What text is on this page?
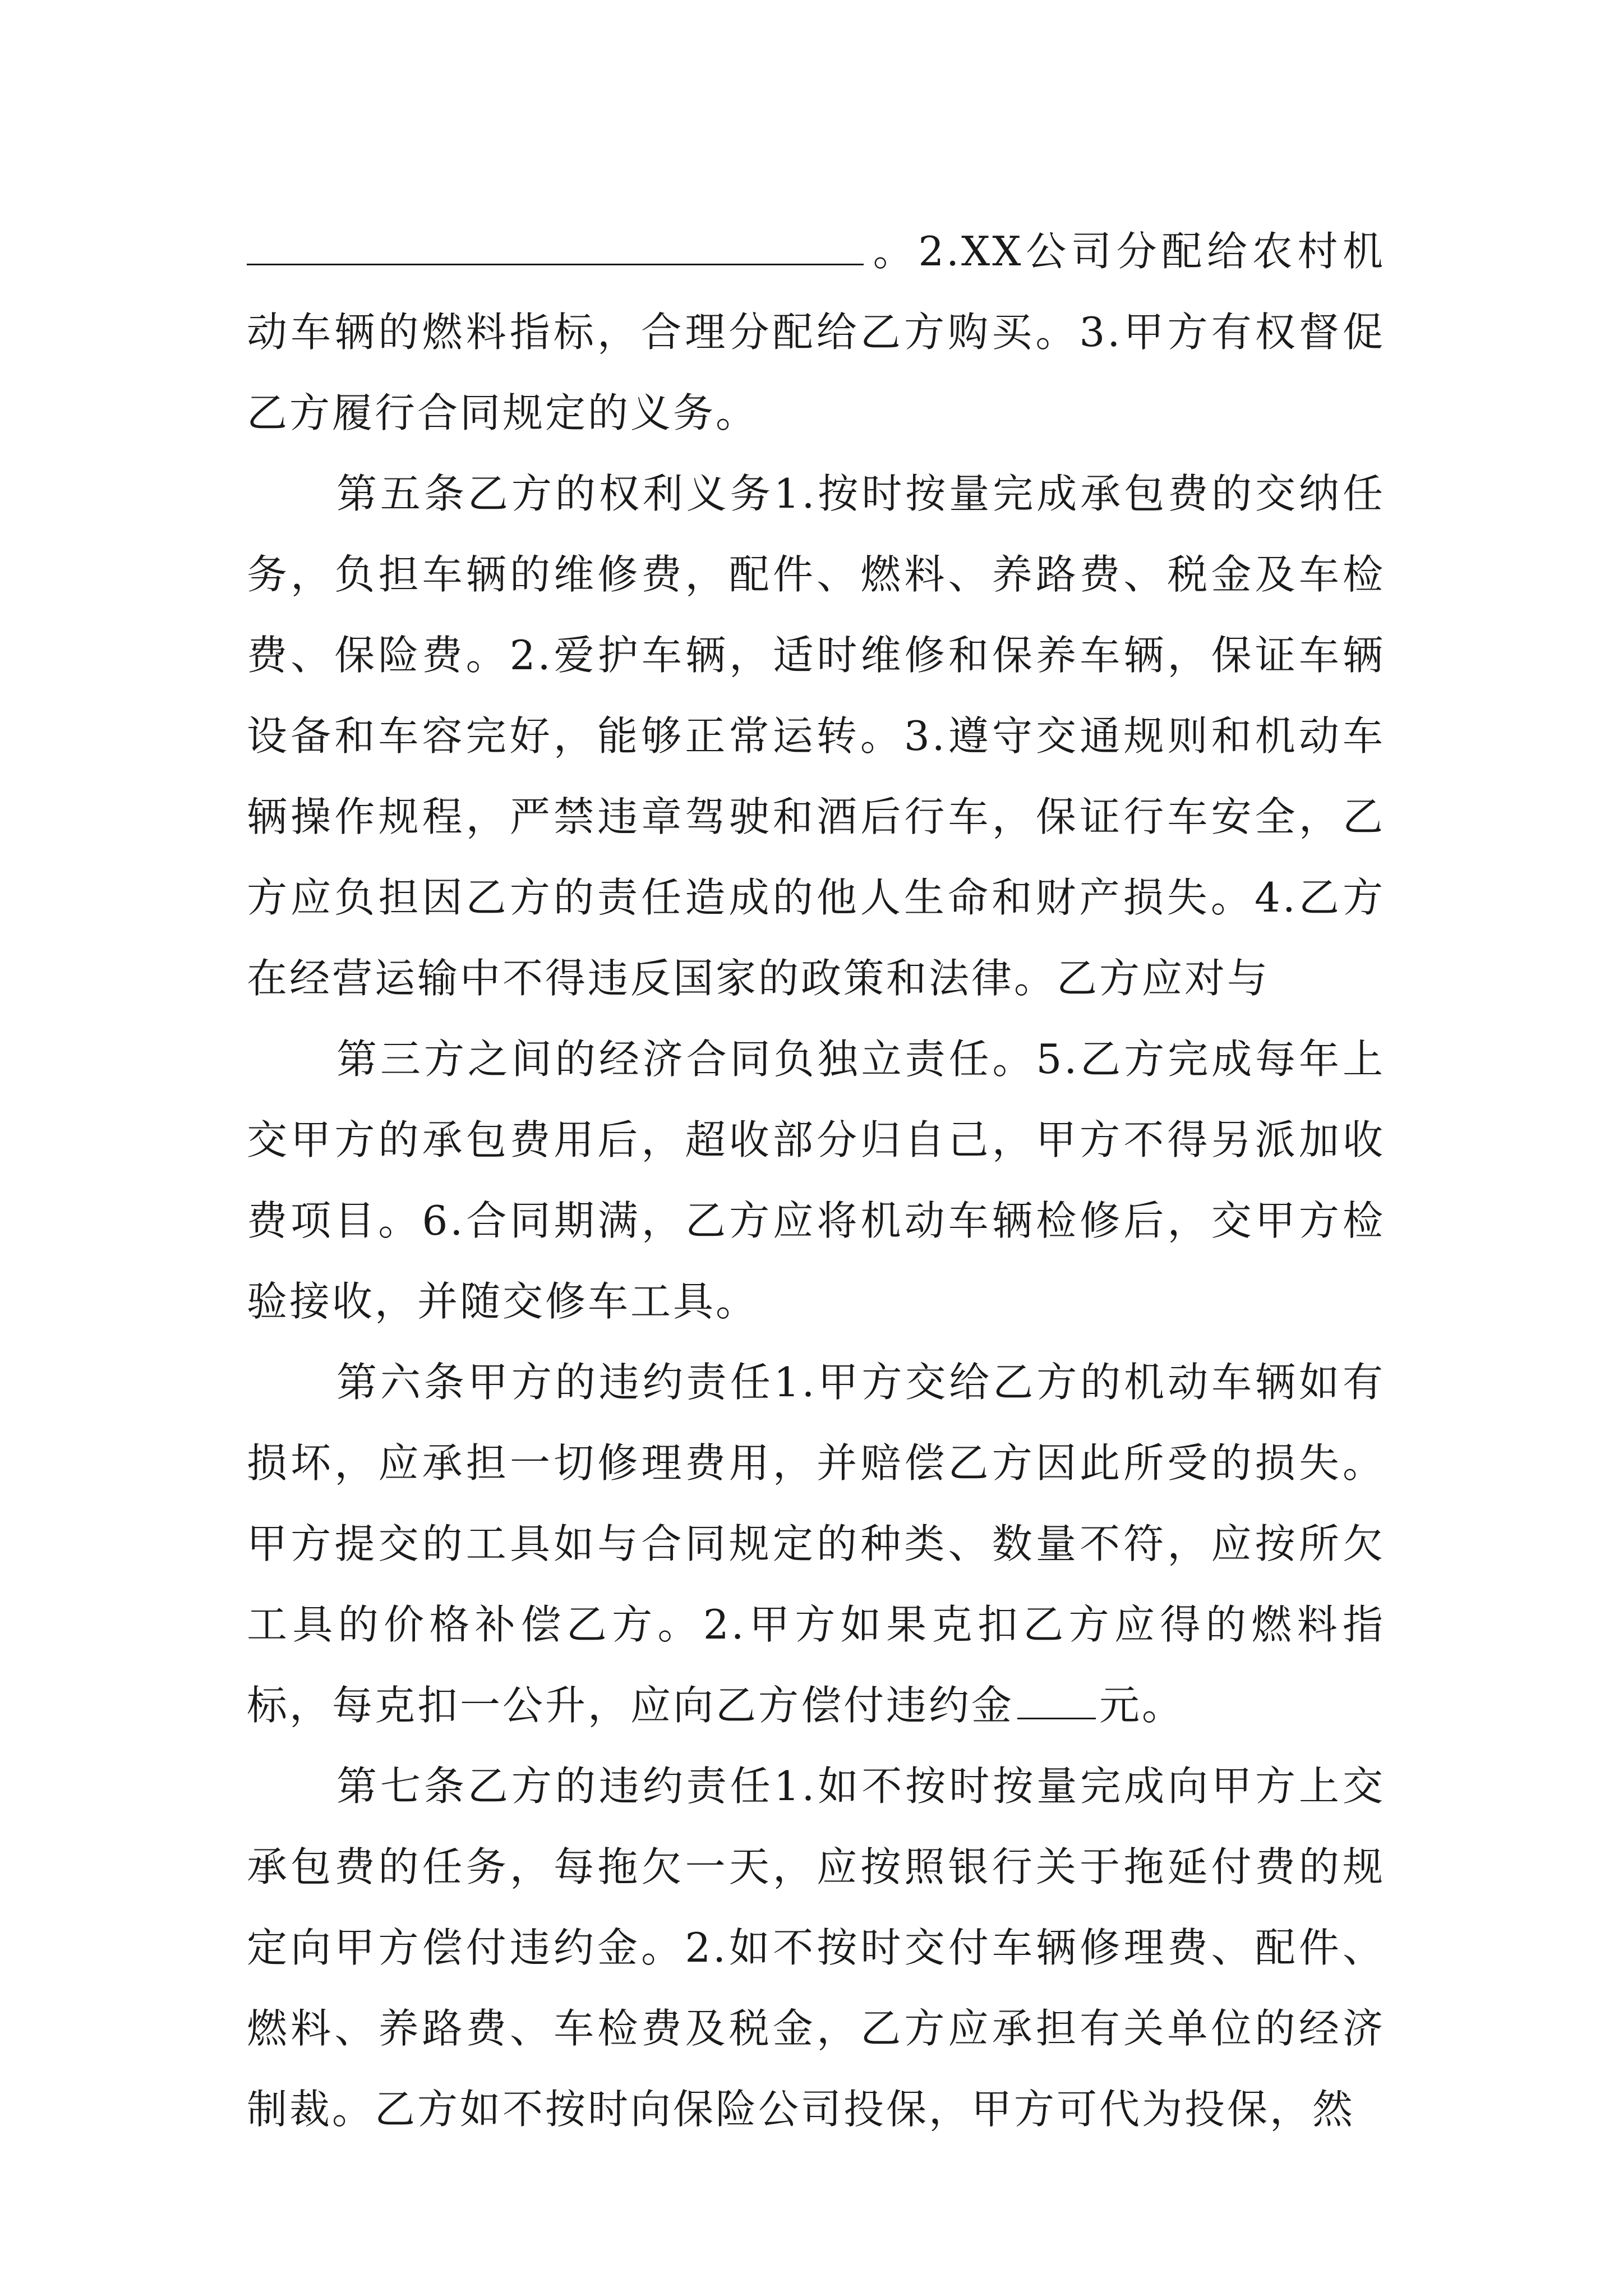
。2.XX公司分配给农村机动车辆的燃料指标，合理分配给乙方购买。3.甲方有权督促乙方履行合同规定的义务。

第五条乙方的权利义务1.按时按量完成承包费的交纳任务，负担车辆的维修费，配件、燃料、养路费、税金及车检费、保险费。2.爱护车辆，适时维修和保养车辆，保证车辆设备和车容完好，能够正常运转。3.遵守交通规则和机动车辆操作规程，严禁违章驾驶和酒后行车，保证行车安全，乙方应负担因乙方的责任造成的他人生命和财产损失。4.乙方在经营运输中不得违反国家的政策和法律。乙方应对与

第三方之间的经济合同负独立责任。5.乙方完成每年上交甲方的承包费用后，超收部分归自己，甲方不得另派加收费项目。6.合同期满，乙方应将机动车辆检修后，交甲方检验接收，并随交修车工具。

第六条甲方的违约责任1.甲方交给乙方的机动车辆如有损坏，应承担一切修理费用，并赔偿乙方因此所受的损失。甲方提交的工具如与合同规定的种类、数量不符，应按所欠工具的价格补偿乙方。2.甲方如果克扣乙方应得的燃料指标，每克扣一公升，应向乙方偿付违约金 元。

第七条乙方的违约责任1.如不按时按量完成向甲方上交承包费的任务，每拖欠一天，应按照银行关于拖延付费的规定向甲方偿付违约金。2.如不按时交付车辆修理费、配件、燃料、养路费、车检费及税金，乙方应承担有关单位的经济制裁。乙方如不按时向保险公司投保，甲方可代为投保，然
